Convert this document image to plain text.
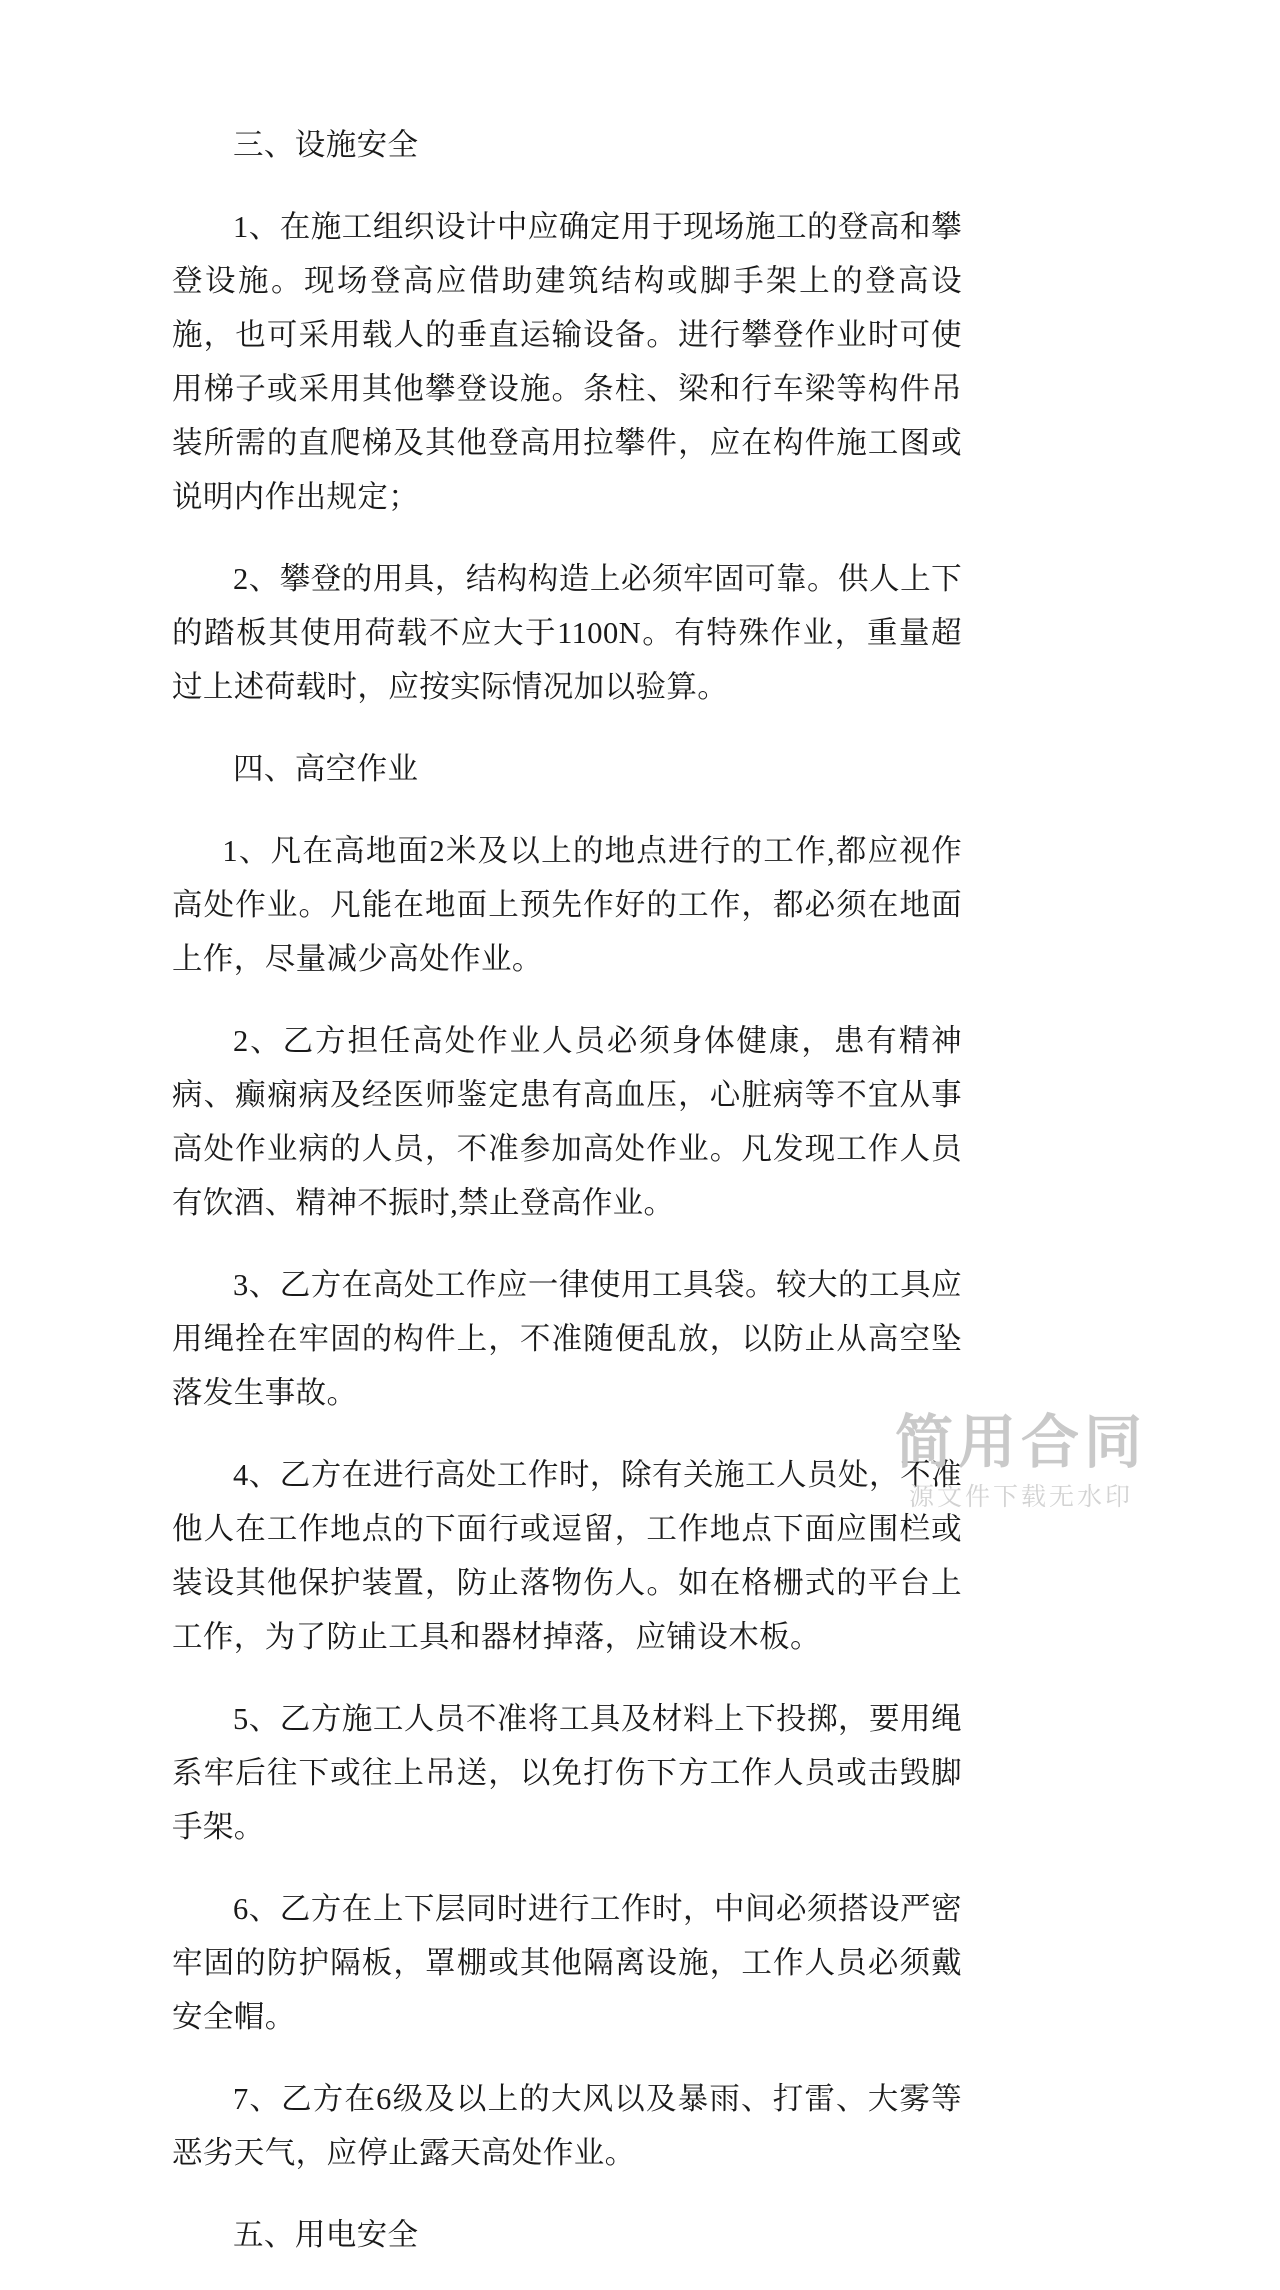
三、设施安全

1、在施工组织设计中应确定用于现场施工的登高和攀登设施。现场登高应借助建筑结构或脚手架上的登高设施，也可采用载人的垂直运输设备。进行攀登作业时可使用梯子或采用其他攀登设施。条柱、梁和行车梁等构件吊装所需的直爬梯及其他登高用拉攀件，应在构件施工图或说明内作出规定；

2、攀登的用具，结构构造上必须牢固可靠。供人上下的踏板其使用荷载不应大于1100N。有特殊作业，重量超过上述荷载时，应按实际情况加以验算。

四、高空作业

1、凡在高地面2米及以上的地点进行的工作,都应视作高处作业。凡能在地面上预先作好的工作，都必须在地面上作，尽量减少高处作业。

2、乙方担任高处作业人员必须身体健康，患有精神病、癫痫病及经医师鉴定患有高血压，心脏病等不宜从事高处作业病的人员，不准参加高处作业。凡发现工作人员有饮酒、精神不振时,禁止登高作业。

3、乙方在高处工作应一律使用工具袋。较大的工具应用绳拴在牢固的构件上，不准随便乱放，以防止从高空坠落发生事故。

4、乙方在进行高处工作时，除有关施工人员处，不准他人在工作地点的下面行或逗留，工作地点下面应围栏或装设其他保护装置，防止落物伤人。如在格栅式的平台上工作，为了防止工具和器材掉落，应铺设木板。

5、乙方施工人员不准将工具及材料上下投掷，要用绳系牢后往下或往上吊送，以免打伤下方工作人员或击毁脚手架。

6、乙方在上下层同时进行工作时，中间必须搭设严密牢固的防护隔板，罩棚或其他隔离设施，工作人员必须戴安全帽。

7、乙方在6级及以上的大风以及暴雨、打雷、大雾等恶劣天气，应停止露天高处作业。

五、用电安全

简用合同
源文件下载无水印
